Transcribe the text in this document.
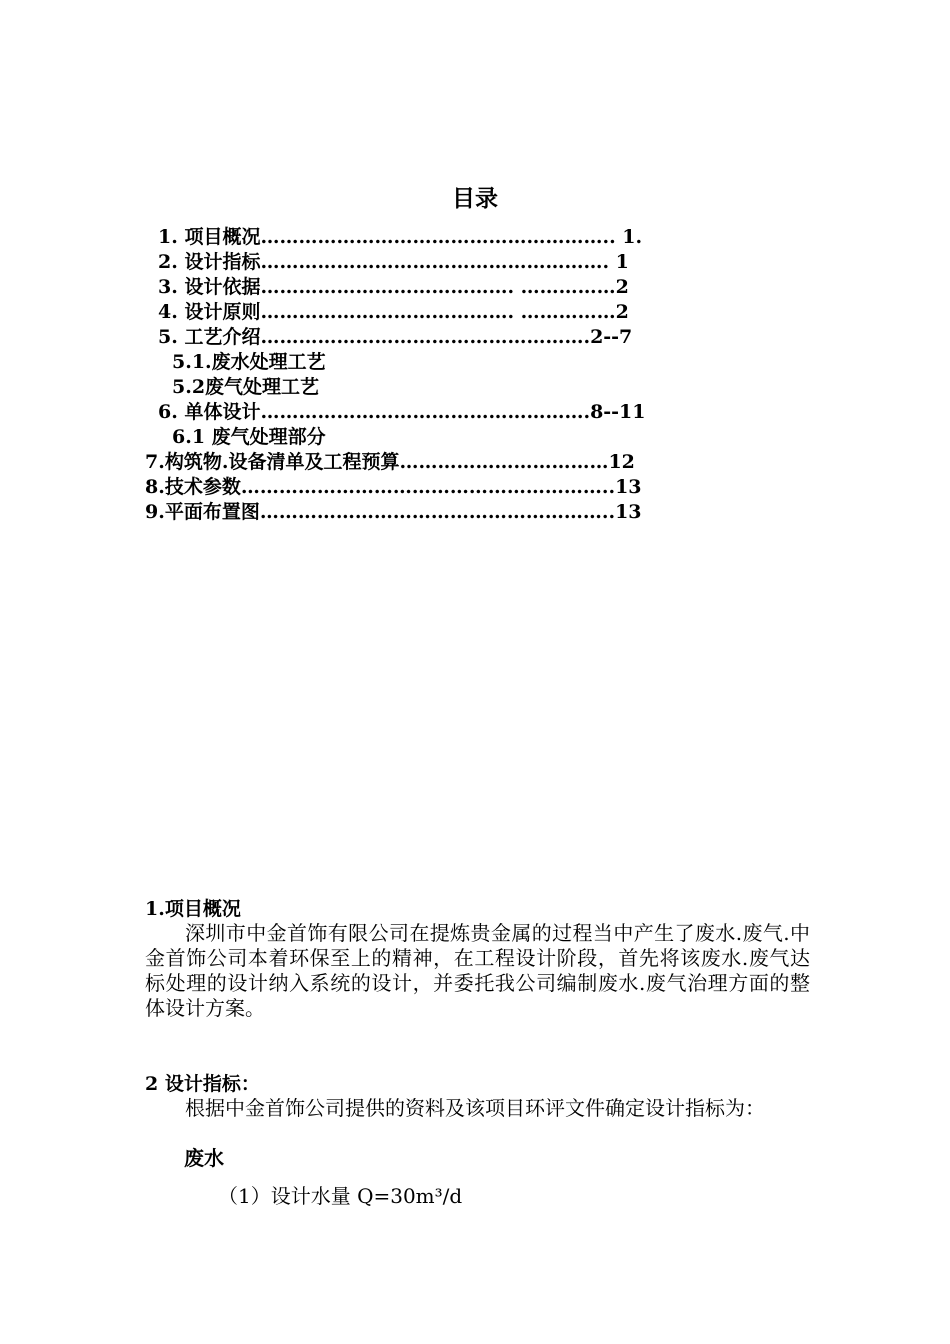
目录
1. 项目概况……………………………………………….. 1.
2. 设计指标………………………………………………. 1
3. 设计依据…………………………………. ……………2
4. 设计原则…………………………………. ……………2
5. 工艺介绍…………………………………………….2--7
5.1.废水处理工艺
5.2废气处理工艺
6. 单体设计…………………………………………….8--11
6.1 废气处理部分
7.构筑物.设备清单及工程预算……………………………12
8.技术参数…………………………………………………..13
9.平面布置图………………………………………………..13
1.项目概况
深圳市中金首饰有限公司在提炼贵金属的过程当中产生了废水.废气.中金首饰公司本着环保至上的精神，在工程设计阶段，首先将该废水.废气达标处理的设计纳入系统的设计，并委托我公司编制废水.废气治理方面的整体设计方案。
2 设计指标：
根据中金首饰公司提供的资料及该项目环评文件确定设计指标为：
废水
（1）设计水量 Q=30m³/d
